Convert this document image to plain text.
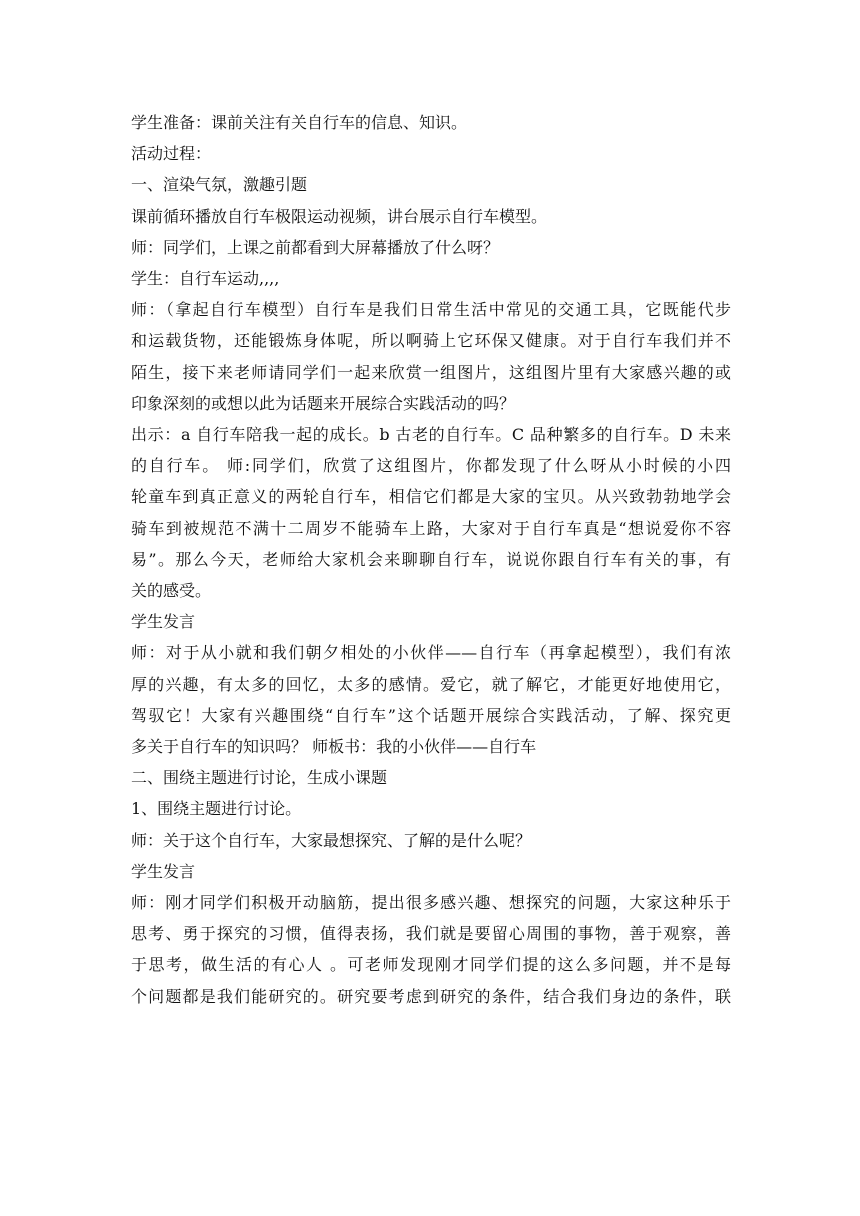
学生准备：课前关注有关自行车的信息、知识。
活动过程：
一、渲染气氛，激趣引题
课前循环播放自行车极限运动视频，讲台展示自行车模型。
师：同学们，上课之前都看到大屏幕播放了什么呀？
学生：自行车运动,,,,
师：（拿起自行车模型）自行车是我们日常生活中常见的交通工具，它既能代步
和运载货物，还能锻炼身体呢，所以啊骑上它环保又健康。对于自行车我们并不
陌生，接下来老师请同学们一起来欣赏一组图片，这组图片里有大家感兴趣的或
印象深刻的或想以此为话题来开展综合实践活动的吗？
出示：a 自行车陪我一起的成长。b 古老的自行车。C 品种繁多的自行车。D 未来
的自行车。 师:同学们，欣赏了这组图片，你都发现了什么呀从小时候的小四
轮童车到真正意义的两轮自行车，相信它们都是大家的宝贝。从兴致勃勃地学会
骑车到被规范不满十二周岁不能骑车上路，大家对于自行车真是“想说爱你不容
易”。那么今天，老师给大家机会来聊聊自行车，说说你跟自行车有关的事，有
关的感受。
学生发言
师：对于从小就和我们朝夕相处的小伙伴——自行车（再拿起模型），我们有浓
厚的兴趣，有太多的回忆，太多的感情。爱它，就了解它，才能更好地使用它，
驾驭它！大家有兴趣围绕“自行车”这个话题开展综合实践活动，了解、探究更
多关于自行车的知识吗？ 师板书：我的小伙伴——自行车
二、围绕主题进行讨论，生成小课题
1、围绕主题进行讨论。
师：关于这个自行车，大家最想探究、了解的是什么呢？
学生发言
师：刚才同学们积极开动脑筋，提出很多感兴趣、想探究的问题，大家这种乐于
思考、勇于探究的习惯，值得表扬，我们就是要留心周围的事物，善于观察，善
于思考，做生活的有心人 。可老师发现刚才同学们提的这么多问题，并不是每
个问题都是我们能研究的。研究要考虑到研究的条件，结合我们身边的条件，联
